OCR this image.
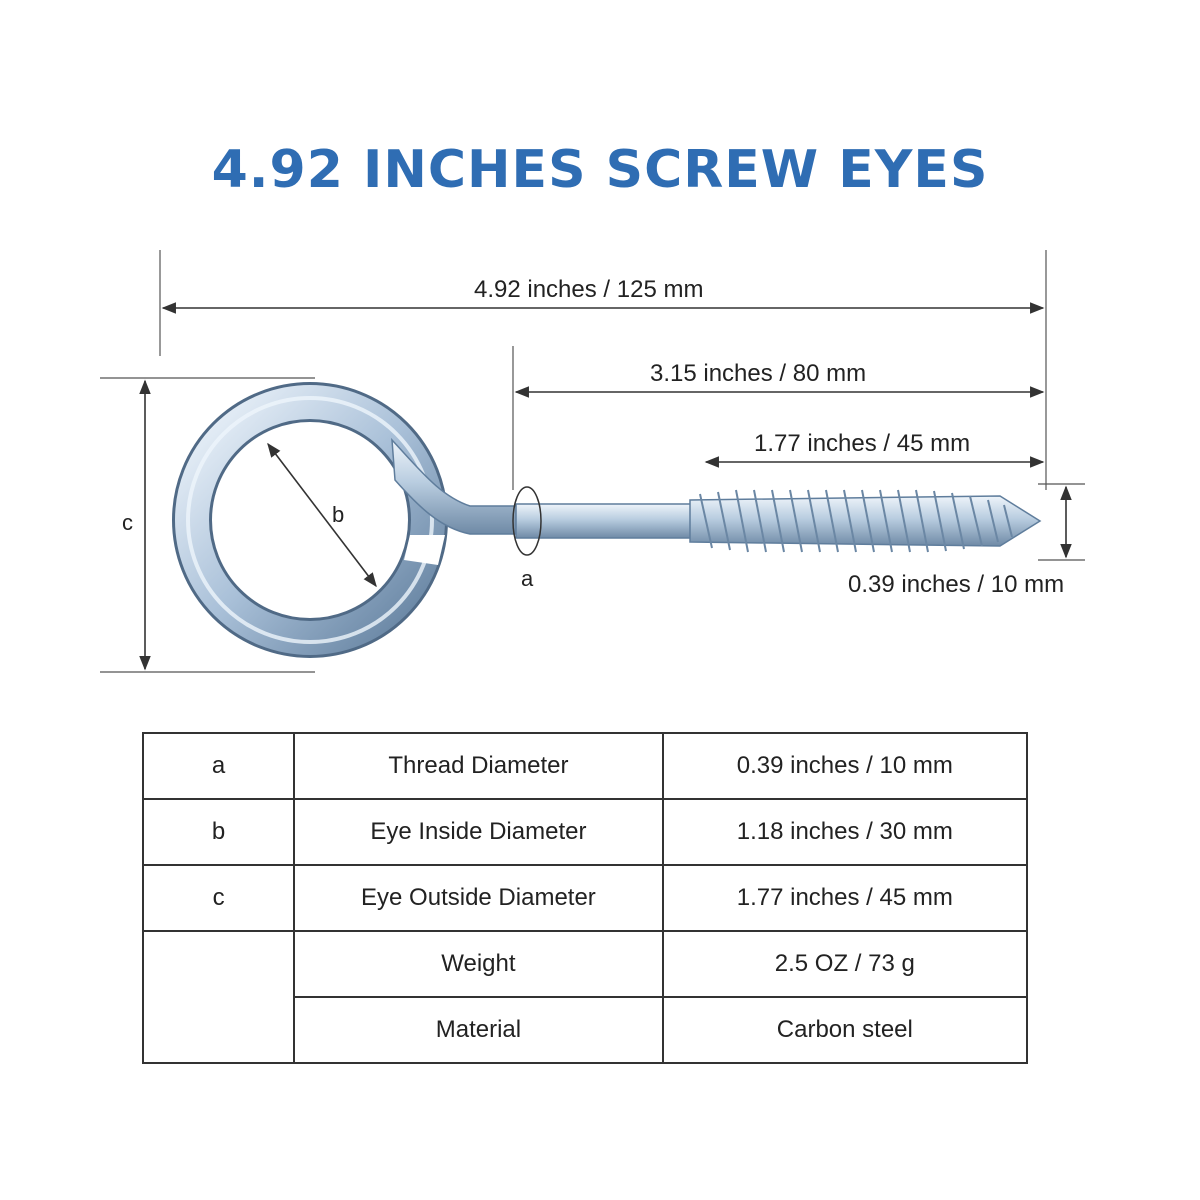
4.92 INCHES SCREW EYES
4.92 inches / 125 mm
3.15 inches / 80 mm
1.77 inches / 45 mm
0.39 inches / 10 mm
a
b
c
a	Thread Diameter	0.39 inches / 10 mm
b	Eye Inside Diameter	1.18 inches / 30 mm
c	Eye Outside Diameter	1.77 inches / 45 mm
	Weight	2.5 OZ / 73 g
	Material	Carbon steel
